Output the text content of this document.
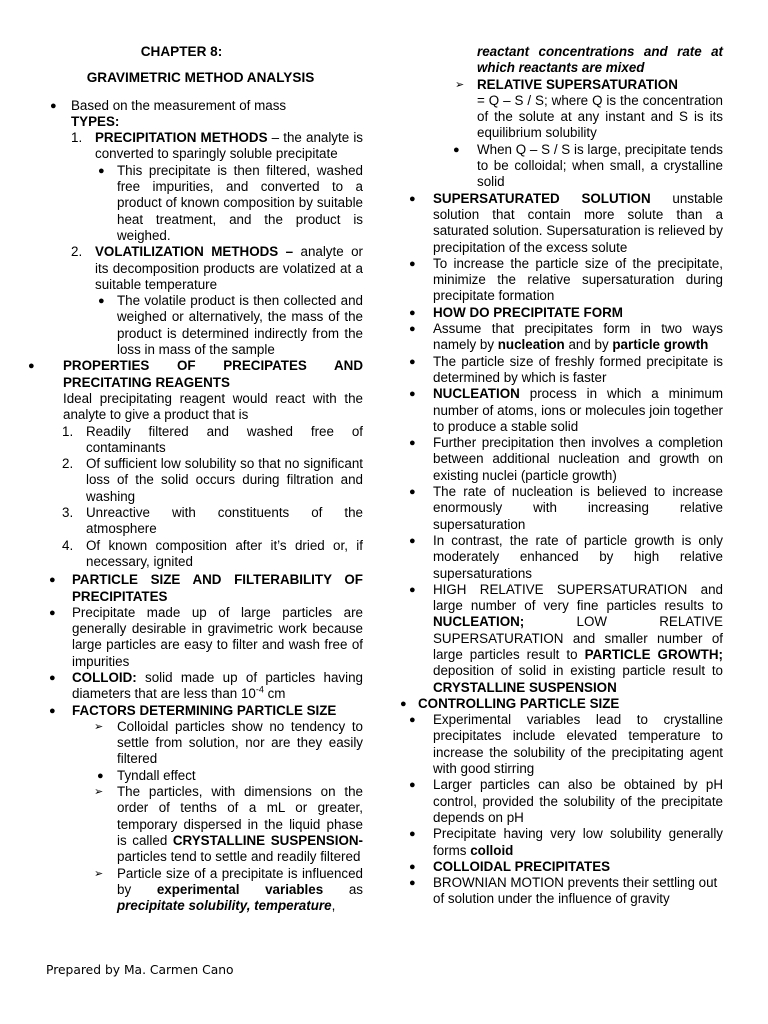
CHAPTER 8:
GRAVIMETRIC METHOD ANALYSIS
●	Based on the measurement of mass
TYPES:
1. PRECIPITATION METHODS – the analyte is converted to sparingly soluble precipitate
● This precipitate is then filtered, washed free impurities, and converted to a product of known composition by suitable heat treatment, and the product is weighed.
2. VOLATILIZATION METHODS – analyte or its decomposition products are volatized at a suitable temperature
● The volatile product is then collected and weighed or alternatively, the mass of the product is determined indirectly from the loss in mass of the sample
●	PROPERTIES OF PRECIPATES AND
PRECITATING REAGENTS
Ideal precipitating reagent would react with the analyte to give a product that is
1. Readily filtered and washed free of contaminants
2. Of sufficient low solubility so that no significant loss of the solid occurs during filtration and washing
3. Unreactive with constituents of the atmosphere
4. Of known composition after it’s dried or, if necessary, ignited
●	PARTICLE SIZE AND FILTERABILITY OF PRECIPITATES
●	Precipitate made up of large particles are generally desirable in gravimetric work because large particles are easy to filter and wash free of impurities
●	COLLOID: solid made up of particles having diameters that are less than $10^{-4}$ cm
●	FACTORS DETERMINING PARTICLE SIZE
➢	Colloidal particles show no tendency to settle from solution, nor are they easily filtered
● Tyndall effect
➢	The particles, with dimensions on the order of tenths of a mL or greater, temporary dispersed in the liquid phase is called CRYSTALLINE SUSPENSION- particles tend to settle and readily filtered
➢	Particle size of a precipitate is influenced by experimental variables as precipitate solubility, temperature,
reactant concentrations and rate at which reactants are mixed
➢ RELATIVE SUPERSATURATION
= Q – S / S; where Q is the concentration of the solute at any instant and S is its equilibrium solubility
●	When Q – S / S is large, precipitate tends to be colloidal; when small, a crystalline solid
●	SUPERSATURATED SOLUTION unstable solution that contain more solute than a saturated solution. Supersaturation is relieved by precipitation of the excess solute
●	To increase the particle size of the precipitate, minimize the relative supersaturation during precipitate formation
●	HOW DO PRECIPITATE FORM
●	Assume that precipitates form in two ways namely by nucleation and by particle growth
●	The particle size of freshly formed precipitate is determined by which is faster
●	NUCLEATION process in which a minimum number of atoms, ions or molecules join together to produce a stable solid
●	Further precipitation then involves a completion between additional nucleation and growth on existing nuclei (particle growth)
●	The rate of nucleation is believed to increase enormously with increasing relative supersaturation
●	In contrast, the rate of particle growth is only moderately enhanced by high relative supersaturations
●	HIGH RELATIVE SUPERSATURATION and large number of very fine particles results to NUCLEATION; LOW RELATIVE SUPERSATURATION and smaller number of large particles result to PARTICLE GROWTH; deposition of solid in existing particle result to CRYSTALLINE SUSPENSION
● CONTROLLING PARTICLE SIZE
●	Experimental variables lead to crystalline precipitates include elevated temperature to increase the solubility of the precipitating agent with good stirring
●	Larger particles can also be obtained by pH control, provided the solubility of the precipitate depends on pH
●	Precipitate having very low solubility generally forms colloid
●	COLLOIDAL PRECIPITATES
●	BROWNIAN MOTION prevents their settling out of solution under the influence of gravity
Prepared by Ma. Carmen Cano
